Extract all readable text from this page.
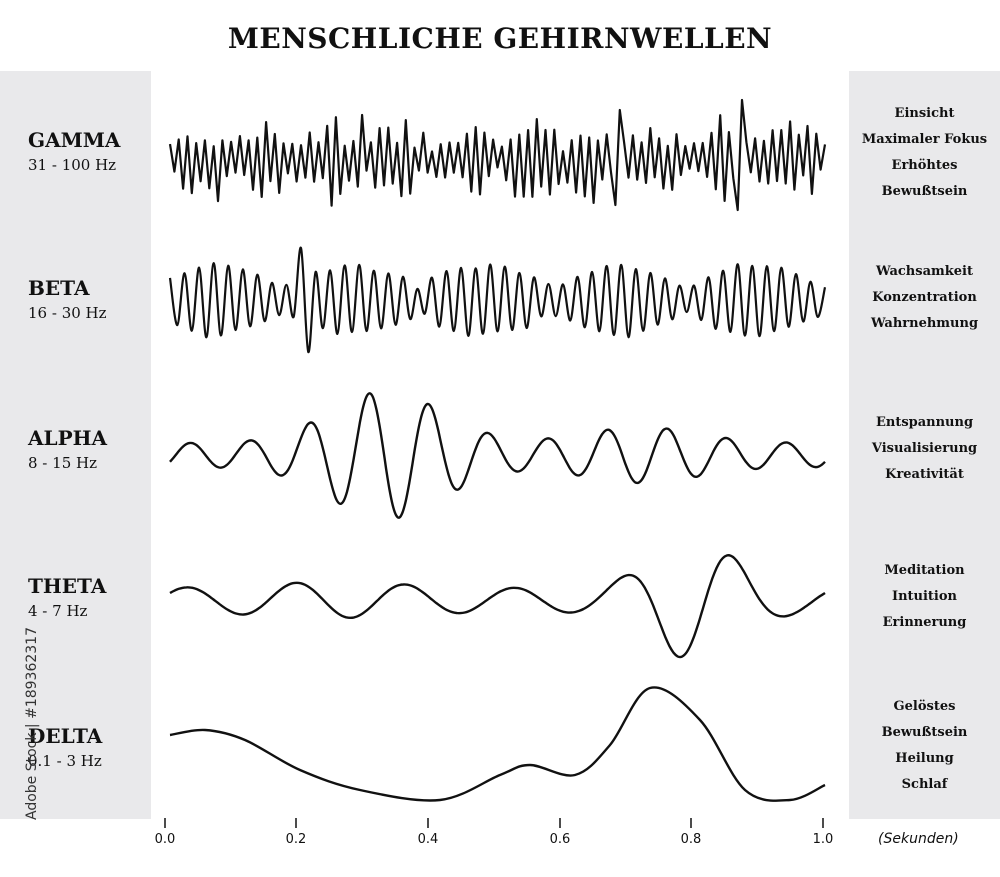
MENSCHLICHE GEHIRNWELLEN
GAMMA
31 - 100 Hz
BETA
16 - 30 Hz
ALPHA
8 - 15 Hz
THETA
4 - 7 Hz
DELTA
0.1 - 3 Hz
Einsicht
Maximaler Fokus
Erhöhtes
Bewußtsein
Wachsamkeit
Konzentration
Wahrnehmung
Entspannung
Visualisierung
Kreativität
Meditation
Intuition
Erinnerung
Gelöstes
Bewußtsein
Heilung
Schlaf
0.0	0.2	0.4	0.6	0.8	1.0	(Sekunden)
Adobe Stock | #189362317
